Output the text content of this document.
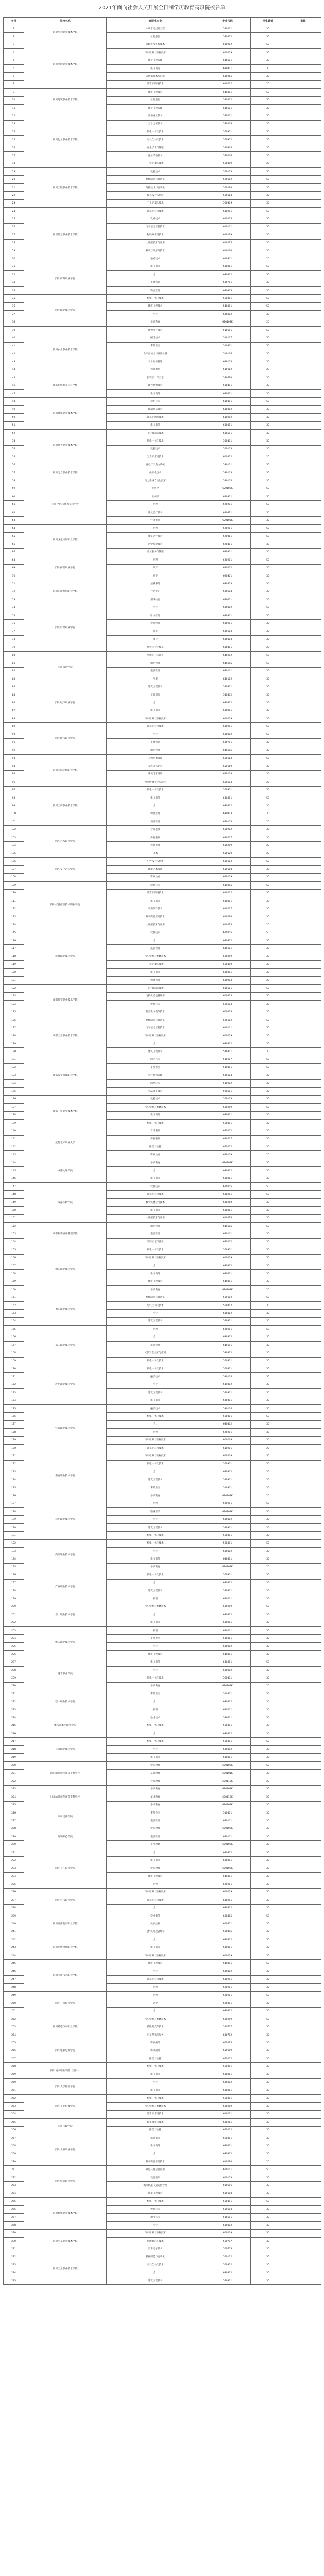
2021年面向社会人员开展全日制学历教育高职院校名单
序号	院校名称	拟招生专业	专业代码	招生计划	备注
1	四川水利职业技术学院	水利水电建筑工程	550201	30	
2		工程造价	540502	50	
3	四川交通职业技术学院	道路桥梁工程技术	600202	50	
4		汽车检测与维修技术	600209	50	
5		建设工程管理	540501	30	
6		电子商务	630801	30	
7		大数据技术与应用	610215	30	
8		计算机网络技术	610202	20	
9	四川建筑职业技术学院	建筑工程技术	540301	50	
10		工程造价	540502	50	
11		建设工程管理	540501	30	
12	四川化工职业技术学院	应用化工技术	570201	50	
13		工业分析技术	570208	30	
14		机电一体化技术	560301	50	
15		电气自动化技术	560302	30	
16		安全技术与管理	520904	30	
17		化工装备技术	570206	30	
18		工业机器人技术	560309	20	
19	四川工程职业技术学院	数控技术	560103	50	
20		机械制造与自动化	560102	50	
21		焊接技术与自动化	560110	30	
22		模具设计与制造	560113	30	
23		工业机器人技术	560309	30	
24	四川信息职业技术学院	计算机应用技术	610201	50	
25		软件技术	610205	50	
26		电子信息工程技术	610101	50	
27		物联网应用技术	610119	30	
28		大数据技术与应用	610215	30	
29		移动互联应用技术	610120	30	
30		通信技术	610301	20	
31	四川商务职业学院	电子商务	630801	50	
32		会计	630302	50	
33		市场营销	630701	30	
34		物流管理	630903	30	
35	四川职业技术学院	机电一体化技术	560301	50	
36		建筑工程技术	540301	50	
37		会计	630302	30	
38		学前教育	670102K	20	
39	四川农业职业技术学院	作物生产技术	510101	50	
40		园艺技术	510107	50	
41		畜牧兽医	510301	50	
42		农产品加工与质量检测	510106	30	
43		农业经济管理	630105	30	
44		休闲农业	510112	20	
45	成都纺织高等专科学校	服装设计与工艺	580410	30	
46		现代纺织技术	580401	30	
47		电子商务	630801	30	
48	四川邮电职业技术学院	通信技术	610301	50	
49		移动通信技术	610302	30	
50		计算机网络技术	610202	30	
51		电子商务	630801	30	
52	四川航天职业技术学院	飞行器制造技术	600501	30	
53		机电一体化技术	560301	50	
54		数控技术	560103	30	
55		无人机应用技术	600502	20	
56	四川电力职业技术学院	发电厂及电力系统	530101	50	
57		供用电技术	530103	50	
58		电力系统自动化技术	530105	30	
59	四川中医药高等专科学校	中医学	620103K	50	
60		中药学	620301	50	
61		护理	620201	50	
62		康复治疗技术	620811	30	
63		针灸推拿	620105K	30	
64	四川卫生康复职业学院	护理	620201	50	
65		康复治疗技术	620811	50	
66		医学检验技术	620401	30	
67		老年服务与管理	690301	30	
68	四川护理职业学院	护理	620201	50	
69		助产	620202	30	
70		药学	620301	30	
71	四川司法警官职业学院	法律事务	680503	50	
72		社区矫正	680604	30	
73		刑事执行	680601	30	
74	四川财经职业学院	会计	630302	50	
75		财务管理	630301	50	
76		金融管理	630201	30	
77		税务	630103	30	
78		审计	630303	30	
79		统计与会计核算	630401	20	
80	四川旅游学院	烹调工艺与营养	640202	50	
81		酒店管理	640105	50	
82		旅游管理	640101	30	
83		导游	640102	30	
84	四川城市职业学院	建筑工程技术	540301	50	
85		工程造价	540502	30	
86		会计	630302	30	
87		电子商务	630801	30	
88		汽车检测与维修技术	600209	30	
89	四川现代职业学院	计算机应用技术	610201	50	
90		会计	630302	50	
91		市场营销	630701	30	
92		酒店管理	640105	30	
93	四川国际标榜职业学院	人物形象设计	650113	50	
94		美容美体艺术	650119	30	
95		环境艺术设计	650108	30	
96		视觉传播设计与制作	650103	20	
97	四川工商职业技术学院	机电一体化技术	560301	50	
98		电子商务	630801	50	
99		会计	630302	30	
100		物流管理	630903	30	
101		酒店管理	640105	20	
102	四川艺术职业学院	音乐表演	650202	30	
103		舞蹈表演	650207	30	
104		戏曲表演	650209	20	
105		美术	650120	20	
106	四川文化艺术学院	广告设计与制作	650102	50	
107		环境艺术设计	650108	30	
108		影视动画	650109	30	
109	四川托普信息技术职业学院	软件技术	610205	50	
110		计算机网络技术	610202	50	
111		电子商务	630801	30	
112		动漫制作技术	610207	30	
113		数字媒体应用技术	610210	30	
114		大数据技术与应用	610215	20	
115	成都职业技术学院	软件技术	610205	50	
116		会计	630302	50	
117		旅游管理	640101	30	
118		汽车检测与维修技术	600209	30	
119		工业机器人技术	560309	30	
120		电子商务	630801	30	
121		物流管理	630903	20	
122	成都航空职业技术学院	飞行器制造技术	600501	50	
123		飞机机电设备维修	600405	50	
124		数控技术	560103	30	
125		航空电子电气技术	600408	30	
126	成都工业职业技术学院	机械制造与自动化	560102	50	
127		电子信息工程技术	610101	50	
128		汽车检测与维修技术	600209	30	
129		会计	630302	30	
130		建筑工程技术	540301	30	
131	成都农业科技职业学院	园艺技术	510107	50	
132		畜牧兽医	510301	50	
133		农村经营管理	630104	30	
134		园林技术	510202	30	
135		食品加工技术	590101	30	
136	成都工贸职业技术学院	数控技术	560103	50	
137		汽车检测与维修技术	600209	50	
138		电子商务	630801	30	
139		机电一体化技术	560301	30	
140	成都艺术职业大学	音乐表演	650202	30	
141		舞蹈表演	650207	30	
142		播音与主持	660202	30	
143		影视动画	650109	20	
144	成都文理学院	学前教育	670102K	50	
145		会计	630302	30	
146		电子商务	630801	30	
147	成都东软学院	软件技术	610205	50	
148		计算机应用技术	610201	50	
149		数字媒体应用技术	610210	30	
150		电子商务	630801	30	
151		大数据技术与应用	610215	30	
152	成都银杏酒店管理学院	酒店管理	640105	50	
153		旅游管理	640101	30	
154		烹调工艺与营养	640202	30	
155	绵阳职业技术学院	机电一体化技术	560301	50	
156		汽车检测与维修技术	600209	50	
157		会计	630302	30	
158		电子商务	630801	30	
159		建筑工程技术	540301	30	
160		学前教育	670102K	20	
161	德阳职业技术学院	机械制造与自动化	560102	50	
162		电气自动化技术	560302	30	
163		会计	630302	30	
164		建筑工程技术	540301	30	
165	乐山职业技术学院	护理	620201	50	
166		会计	630302	30	
167		旅游管理	640101	30	
168		光伏发电技术与应用	530302	30	
169		机电一体化技术	560301	30	
170	泸州职业技术学院	机电一体化技术	560301	50	
171		酿酒技术	590104	50	
172		会计	630302	30	
173		建筑工程技术	540301	30	
174		电子商务	630801	30	
175	宜宾职业技术学院	酿酒技术	590104	50	
176		机电一体化技术	560301	50	
177		会计	630302	30	
178		护理	620201	30	
179		汽车检测与维修技术	600209	30	
180		计算机应用技术	610201	20	
181	南充职业技术学院	汽车检测与维修技术	600209	50	
182		机电一体化技术	560301	50	
183		会计	630302	30	
184		建筑工程技术	540301	30	
185		畜牧兽医	510301	30	
186		学前教育	670102K	20	
187	达州职业技术学院	护理	620201	50	
188		临床医学	620101K	50	
189		会计	630302	30	
190		建筑工程技术	540301	30	
191		机电一体化技术	560301	30	
192	内江职业技术学院	机电一体化技术	560301	50	
193		会计	630302	30	
194		电子商务	630801	30	
195		学前教育	670102K	20	
196	广安职业技术学院	机电一体化技术	560301	50	
197		会计	630302	30	
198		建筑工程技术	540301	30	
199		护理	620201	30	
200	眉山职业技术学院	汽车检测与维修技术	600209	50	
201		会计	630302	30	
202		电子商务	630801	30	
203	雅安职业技术学院	护理	620201	50	
204		畜牧兽医	510301	30	
205		会计	630302	30	
206		建筑工程技术	540301	30	
207	遂宁职业学院	电子商务	630801	50	
208		会计	630302	30	
209		机电一体化技术	560301	30	
210		学前教育	670102K	20	
211	巴中职业技术学院	畜牧兽医	510301	50	
212		会计	630302	30	
213		护理	620201	30	
214	攀枝花攀西职业学院	冶金技术	530601	50	
215		机电一体化技术	560301	30	
216		会计	630302	30	
217	自贡职业技术学院	机电一体化技术	560301	50	
218		会计	630302	30	
219		电子商务	630801	30	
220	四川幼儿师范高等专科学校	学前教育	670102K	50	
221		早期教育	670101K	30	
222		音乐教育	670112K	20	
223	川北幼儿师范高等专科学校	学前教育	670102K	50	
224		美术教育	670113K	20	
225		小学教育	670103K	30	
226	四川民族学院	畜牧兽医	510301	30	
227		旅游管理	640101	30	
228	阿坝师范学院	学前教育	670102K	30	
229		旅游管理	640101	30	
230		小学教育	670103K	30	
231	四川长江职业学院	会计	630302	50	
232		电子商务	630801	30	
233		学前教育	670102K	30	
234		建筑工程技术	540301	30	
235		护理	620201	30	
236	四川科技职业学院	汽车检测与维修技术	600209	50	
237		计算机应用技术	610201	30	
238		会计	630302	30	
239	四川西南航空职业学院	空中乘务	600405	50	
240		民航运输	600401	30	
241		飞机机电设备维修	600405	30	
242	四川华新现代职业学院	会计	630302	50	
243		电子商务	630801	30	
244		汽车检测与维修技术	600209	30	
245	四川应用技术职业学院	建筑工程技术	540301	50	
246		会计	630302	30	
247		计算机应用技术	610201	30	
248		护理	620201	30	
249	四川三河职业学院	护理	620201	50	
250		药学	620301	30	
251		会计	630302	30	
252	四川希望汽车职业学院	汽车检测与维修技术	600209	50	
253		新能源汽车技术	560707	50	
254		汽车营销与服务	630702	30	
255	四川电影电视学院	影视编导	660214	30	
256		影视动画	650109	30	
257		播音与主持	660202	30	
258	四川城市职业学院（德阳）	机电一体化技术	560301	30	
259		电子商务	630801	30	
260	四川大学锦江学院	会计	630302	30	
261		电子商务	630801	30	
262	四川工业科技学院	机电一体化技术	560301	30	
263		汽车检测与维修技术	600209	30	
264		计算机应用技术	610201	30	
265	四川传媒学院	影视多媒体技术	610211	30	
266		播音与主持	660202	30	
267	四川文轩职业学院	出版商务	660301	30	
268		电子商务	630801	30	
269		会计	630302	30	
270		数字媒体应用技术	610210	20	
271	四川铁道职业学院	铁道交通运营管理	600101	50	
272		铁道机车	600103	30	
273		城市轨道交通运营管理	600606	30	
274		铁道工程技术	600108	30	
275	四川机电职业技术学院	机电一体化技术	560301	50	
276		数控技术	560103	30	
277		冶金技术	530601	30	
278		会计	630302	30	
279	四川汽车职业技术学院	汽车检测与维修技术	600209	50	
280		新能源汽车技术	560707	30	
281		汽车电子技术	560703	30	
282	四川工业职业技术学院	机械制造与自动化	560102	50	
283		电气自动化技术	560302	30	
284		会计	630302	30	
285		建筑工程技术	540301	30	
